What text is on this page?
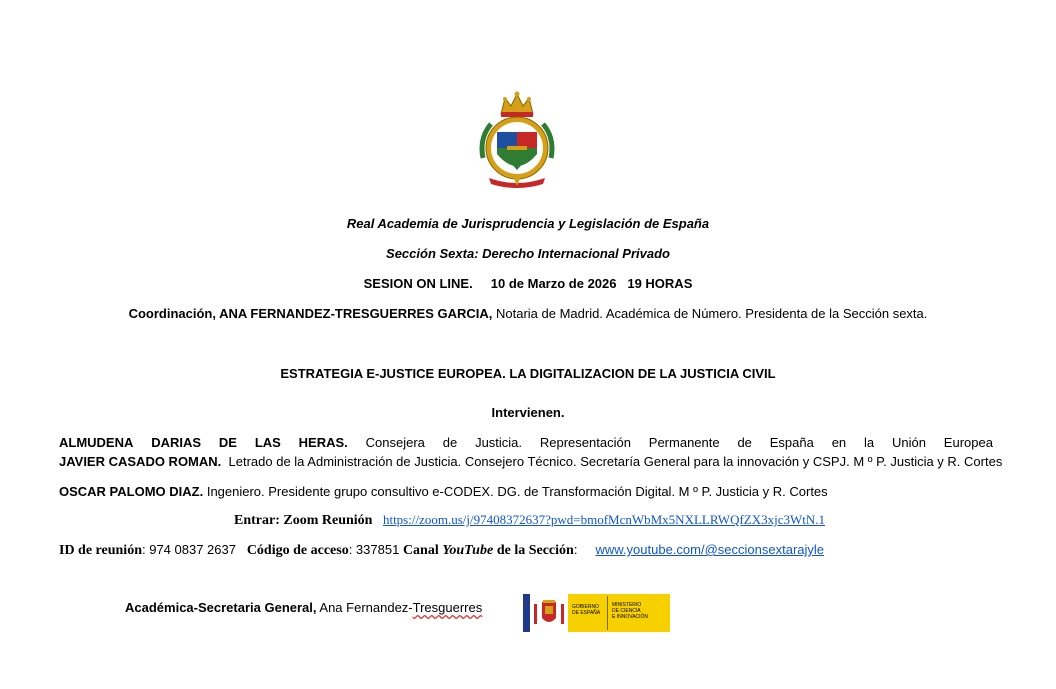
Real Academia de Jurisprudencia y Legislación de España
Sección Sexta: Derecho Internacional Privado
SESION ON LINE. 10 de Marzo de 2026 19 HORAS
Coordinación, ANA FERNANDEZ-TRESGUERRES GARCIA, Notaria de Madrid. Académica de Número. Presidenta de la Sección sexta.
ESTRATEGIA E-JUSTICE EUROPEA. LA DIGITALIZACION DE LA JUSTICIA CIVIL
Intervienen.
ALMUDENA DARIAS DE LAS HERAS. Consejera de Justicia. Representación Permanente de España en la Unión Europea
JAVIER CASADO ROMAN. Letrado de la Administración de Justicia. Consejero Técnico. Secretaría General para la innovación y CSPJ. M º P. Justicia y R. Cortes
OSCAR PALOMO DIAZ. Ingeniero. Presidente grupo consultivo e-CODEX. DG. de Transformación Digital. M º P. Justicia y R. Cortes
Entrar: Zoom Reunión https://zoom.us/j/97408372637?pwd=bmofMcnWbMx5NXLLRWQfZX3xjc3WtN.1
ID de reunión: 974 0837 2637 Código de acceso: 337851 Canal YouTube de la Sección: www.youtube.com/@seccionsextarajyle
Académica-Secretaria General, Ana Fernandez-Tresguerres	GOBIERNO
DE ESPAÑA
MINISTERIO
DE CIENCIA
E INNOVACIÓN
